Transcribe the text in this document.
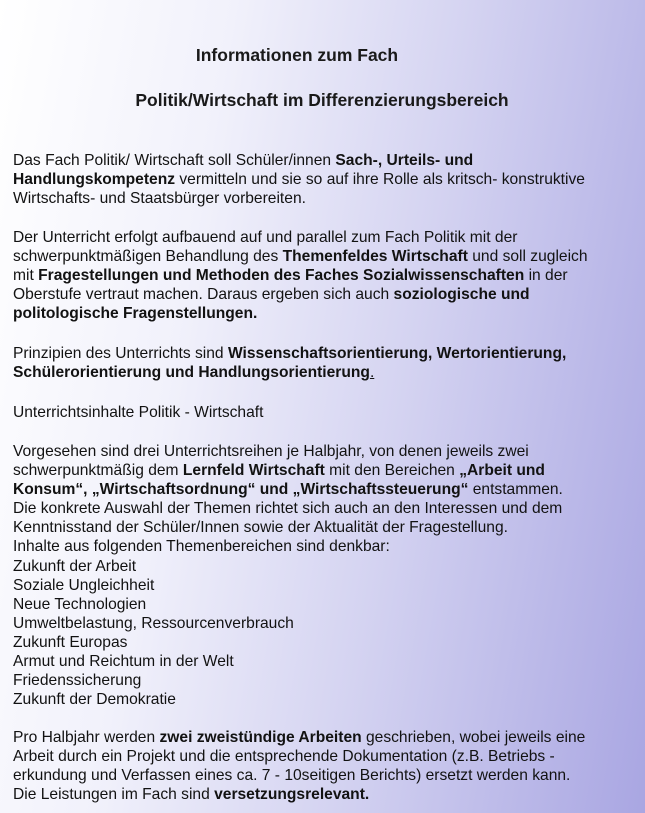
Informationen zum Fach
Politik/Wirtschaft im Differenzierungsbereich
Das Fach Politik/ Wirtschaft soll Schüler/innen Sach-, Urteils- und
Handlungskompetenz vermitteln und sie so auf ihre Rolle als kritsch- konstruktive
Wirtschafts- und Staatsbürger vorbereiten.
Der Unterricht erfolgt aufbauend auf und parallel zum Fach Politik mit der
schwerpunktmäßigen Behandlung des Themenfeldes Wirtschaft und soll zugleich
mit Fragestellungen und Methoden des Faches Sozialwissenschaften in der
Oberstufe vertraut machen. Daraus ergeben sich auch soziologische und
politologische Fragenstellungen.
Prinzipien des Unterrichts sind Wissenschaftsorientierung, Wertorientierung,
Schülerorientierung und Handlungsorientierung.
Unterrichtsinhalte Politik - Wirtschaft
Vorgesehen sind drei Unterrichtsreihen je Halbjahr, von denen jeweils zwei
schwerpunktmäßig dem Lernfeld Wirtschaft mit den Bereichen „Arbeit und
Konsum“, „Wirtschaftsordnung“ und „Wirtschaftssteuerung“ entstammen.
Die konkrete Auswahl der Themen richtet sich auch an den Interessen und dem
Kenntnisstand der Schüler/Innen sowie der Aktualität der Fragestellung.
Inhalte aus folgenden Themenbereichen sind denkbar:
Zukunft der Arbeit
Soziale Ungleichheit
Neue Technologien
Umweltbelastung, Ressourcenverbrauch
Zukunft Europas
Armut und Reichtum in der Welt
Friedenssicherung
Zukunft der Demokratie
Pro Halbjahr werden zwei zweistündige Arbeiten geschrieben, wobei jeweils eine
Arbeit durch ein Projekt und die entsprechende Dokumentation (z.B. Betriebs -
erkundung und Verfassen eines ca. 7 - 10seitigen Berichts) ersetzt werden kann.
Die Leistungen im Fach sind versetzungsrelevant.
